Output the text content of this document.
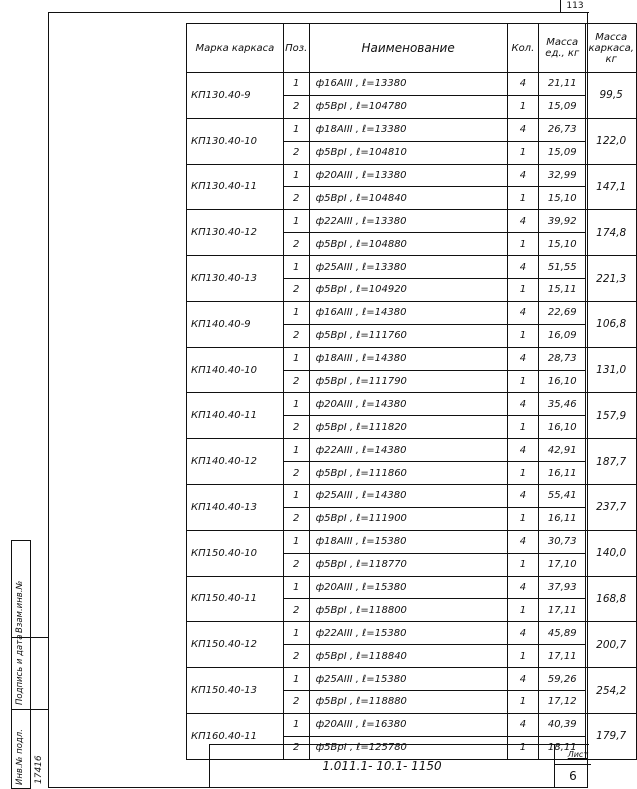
113
Марка каркаса	Поз.	Наименование	Кол.	Масса ед., кг	Масса каркаса, кг
КП130.40-9	1	ф16АIII , ℓ=13380	4	21,11	99,5
	2	ф5BрI , ℓ=104780	1	15,09	
КП130.40-10	1	ф18АIII , ℓ=13380	4	26,73	122,0
	2	ф5BрI , ℓ=104810	1	15,09	
КП130.40-11	1	ф20АIII , ℓ=13380	4	32,99	147,1
	2	ф5BрI , ℓ=104840	1	15,10	
КП130.40-12	1	ф22АIII , ℓ=13380	4	39,92	174,8
	2	ф5BрI , ℓ=104880	1	15,10	
КП130.40-13	1	ф25АIII , ℓ=13380	4	51,55	221,3
	2	ф5BрI , ℓ=104920	1	15,11	
КП140.40-9	1	ф16АIII , ℓ=14380	4	22,69	106,8
	2	ф5BрI , ℓ=111760	1	16,09	
КП140.40-10	1	ф18АIII , ℓ=14380	4	28,73	131,0
	2	ф5BрI , ℓ=111790	1	16,10	
КП140.40-11	1	ф20АIII , ℓ=14380	4	35,46	157,9
	2	ф5BрI , ℓ=111820	1	16,10	
КП140.40-12	1	ф22АIII , ℓ=14380	4	42,91	187,7
	2	ф5BрI , ℓ=111860	1	16,11	
КП140.40-13	1	ф25АIII , ℓ=14380	4	55,41	237,7
	2	ф5BрI , ℓ=111900	1	16,11	
КП150.40-10	1	ф18АIII , ℓ=15380	4	30,73	140,0
	2	ф5BрI , ℓ=118770	1	17,10	
КП150.40-11	1	ф20АIII , ℓ=15380	4	37,93	168,8
	2	ф5BрI , ℓ=118800	1	17,11	
КП150.40-12	1	ф22АIII , ℓ=15380	4	45,89	200,7
	2	ф5BрI , ℓ=118840	1	17,11	
КП150.40-13	1	ф25АIII , ℓ=15380	4	59,26	254,2
	2	ф5BрI , ℓ=118880	1	17,12	
КП160.40-11	1	ф20АIII , ℓ=16380	4	40,39	179,7
	2	ф5BрI , ℓ=125780	1	18,11	
1.011.1- 10.1- 1150
Лист
6
Взам.инв.№
Подпись и дата
Инв.№ подл. 17416
